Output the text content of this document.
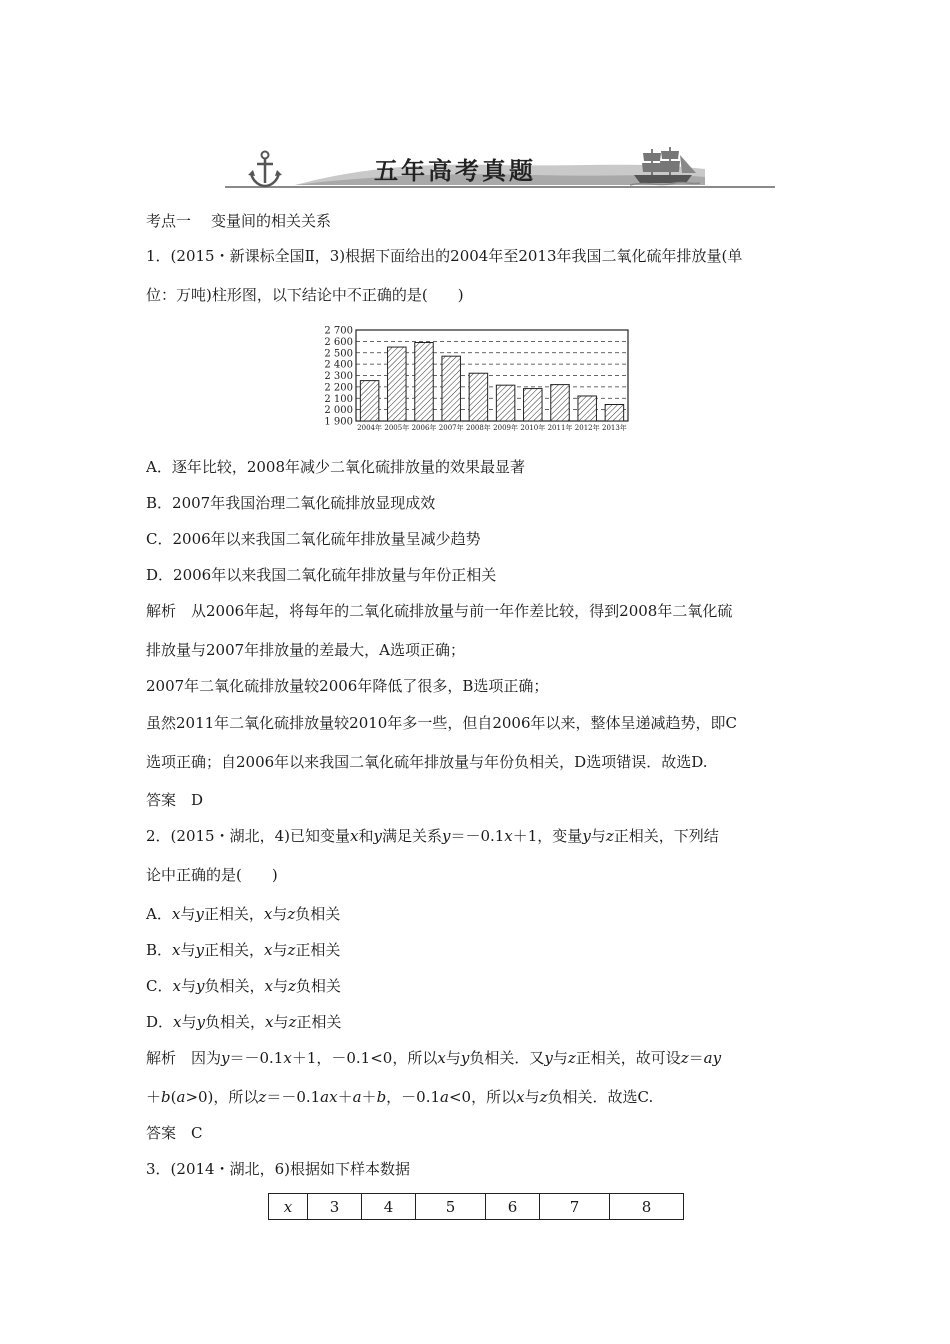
五年高考真题
考点一 变量间的相关关系
1．(2015・新课标全国Ⅱ，3)根据下面给出的2004年至2013年我国二氧化硫年排放量(单
位：万吨)柱形图，以下结论中不正确的是(　　)
1 900
2 000
2 100
2 200
2 300
2 400
2 500
2 600
2 700
2004年 2005年 2006年 2007年 2008年 2009年 2010年 2011年 2012年 2013年
A．逐年比较，2008年减少二氧化硫排放量的效果最显著
B．2007年我国治理二氧化硫排放显现成效
C．2006年以来我国二氧化硫年排放量呈减少趋势
D．2006年以来我国二氧化硫年排放量与年份正相关
解析　从2006年起，将每年的二氧化硫排放量与前一年作差比较，得到2008年二氧化硫
排放量与2007年排放量的差最大，A选项正确；
2007年二氧化硫排放量较2006年降低了很多，B选项正确；
虽然2011年二氧化硫排放量较2010年多一些，但自2006年以来，整体呈递减趋势，即C
选项正确；自2006年以来我国二氧化硫年排放量与年份负相关，D选项错误．故选D.
答案　D
2．(2015・湖北，4)已知变量x和y满足关系y＝－0.1x＋1，变量y与z正相关，下列结
论中正确的是(　　)
A．x与y正相关，x与z负相关
B．x与y正相关，x与z正相关
C．x与y负相关，x与z负相关
D．x与y负相关，x与z正相关
解析　因为y＝－0.1x＋1，－0.1<0，所以x与y负相关．又y与z正相关，故可设z＝ay
＋b(a>0)，所以z＝－0.1ax＋a＋b，－0.1a<0，所以x与z负相关．故选C.
答案　C
3．(2014・湖北，6)根据如下样本数据
x	3	4	5	6	7	8
